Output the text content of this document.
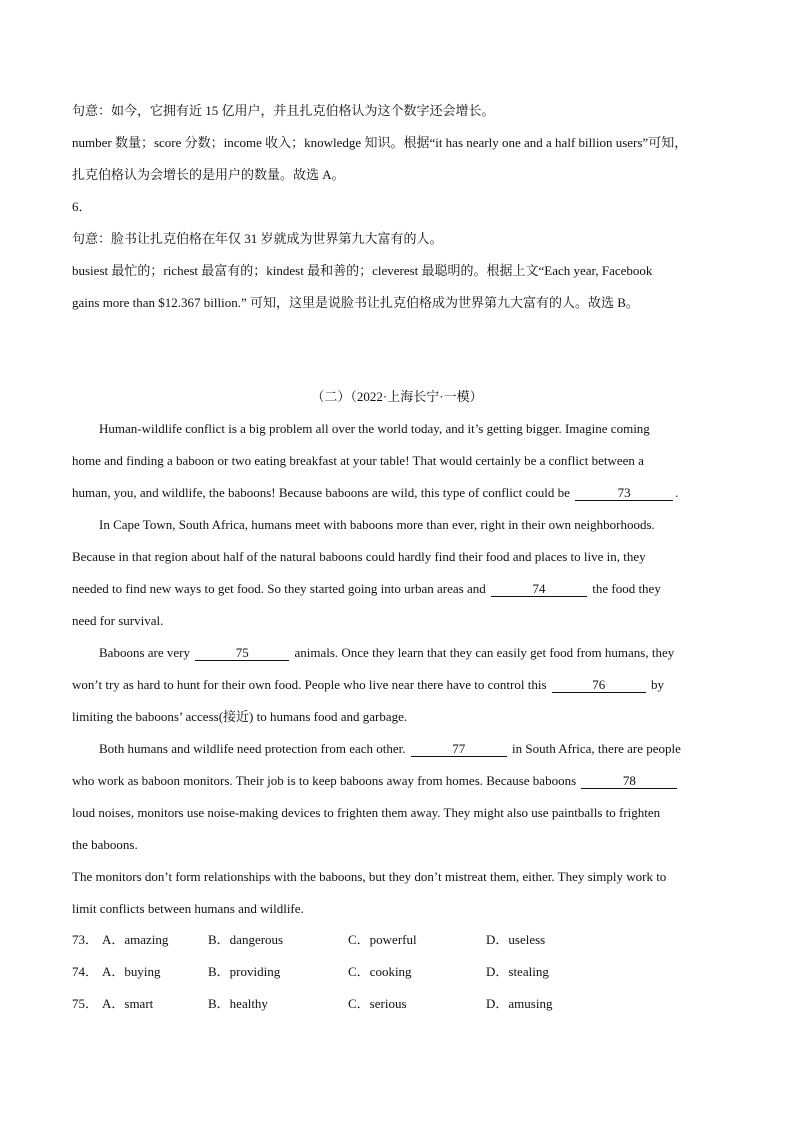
句意：如今，它拥有近 15 亿用户，并且扎克伯格认为这个数字还会增长。
number 数量；score 分数；income 收入；knowledge 知识。根据“it has nearly one and a half billion users”可知，
扎克伯格认为会增长的是用户的数量。故选 A。
6．
句意：脸书让扎克伯格在年仅 31 岁就成为世界第九大富有的人。
busiest 最忙的；richest 最富有的；kindest 最和善的；cleverest 最聪明的。根据上文“Each year, Facebook
gains more than $12.367 billion.” 可知，这里是说脸书让扎克伯格成为世界第九大富有的人。故选 B。
（二）（2022·上海长宁·一模）
Human-wildlife conflict is a big problem all over the world today, and it’s getting bigger. Imagine coming
home and finding a baboon or two eating breakfast at your table! That would certainly be a conflict between a
human, you, and wildlife, the baboons! Because baboons are wild, this type of conflict could be	73	.
In Cape Town, South Africa, humans meet with baboons more than ever, right in their own neighborhoods.
Because in that region about half of the natural baboons could hardly find their food and places to live in, they
needed to find new ways to get food. So they started going into urban areas and	74	the food they
need for survival.
Baboons are very	75	animals. Once they learn that they can easily get food from humans, they
won’t try as hard to hunt for their own food. People who live near there have to control this	76	by
limiting the baboons’ access(接近) to humans food and garbage.
Both humans and wildlife need protection from each other.	77	in South Africa, there are people
who work as baboon monitors. Their job is to keep baboons away from homes. Because baboons	78
loud noises, monitors use noise-making devices to frighten them away. They might also use paintballs to frighten
the baboons.
The monitors don’t form relationships with the baboons, but they don’t mistreat them, either. They simply work to
limit conflicts between humans and wildlife.
73． A．amazing	B．dangerous	C．powerful	D．useless
74． A．buying	B．providing	C．cooking	D．stealing
75． A．smart	B．healthy	C．serious	D．amusing
